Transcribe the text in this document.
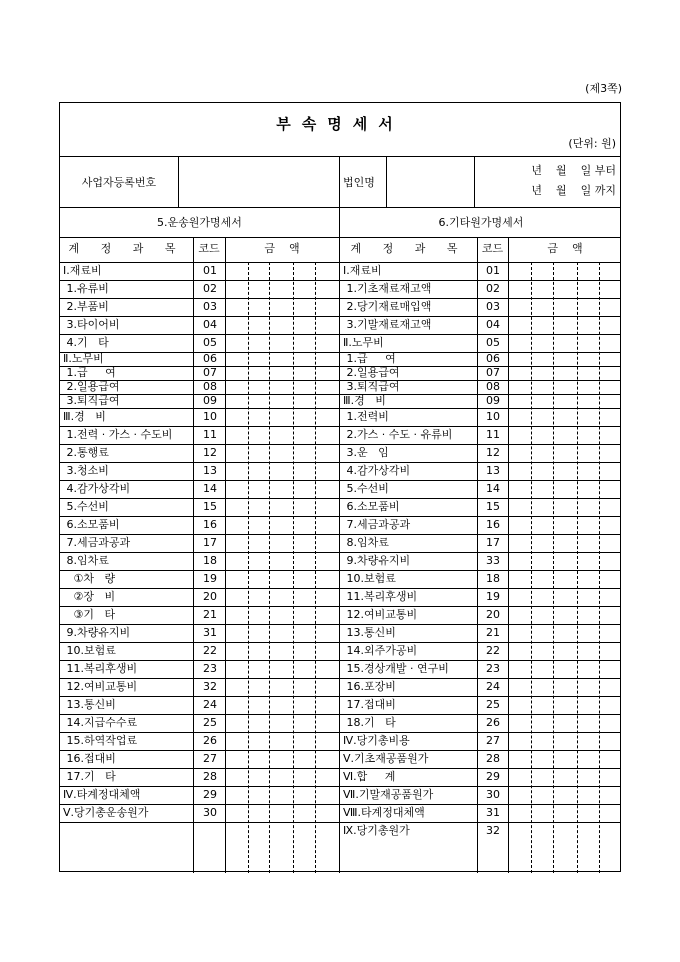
(제3쪽)
부속명세서
(단위: 원)
사업자등록번호	법인명
년    월    일 부터
년    월    일 까지
5.운송원가명세서	6.기타원가명세서
계 정 과 목	코드	금    액	계 정 과 목	코드	금    액
Ⅰ.재료비	01	Ⅰ.재료비	01
1.유류비	02	1.기초재료재고액	02
2.부품비	03	2.당기재료매입액	03
3.타이어비	04	3.기말재료재고액	04
4.기   타	05	Ⅱ.노무비	05
Ⅱ.노무비	06	1.급     여	06
1.급     여	07	2.일용급여	07
2.일용급여	08	3.퇴직급여	08
3.퇴직급여	09	Ⅲ.경   비	09
Ⅲ.경   비	10	1.전력비	10
1.전력 · 가스 · 수도비	11	2.가스 · 수도 · 유류비	11
2.통행료	12	3.운   임	12
3.청소비	13	4.감가상각비	13
4.감가상각비	14	5.수선비	14
5.수선비	15	6.소모품비	15
6.소모품비	16	7.세금과공과	16
7.세금과공과	17	8.임차료	17
8.임차료	18	9.차량유지비	33
①차   량	19	10.보험료	18
②장   비	20	11.복리후생비	19
③기   타	21	12.여비교통비	20
9.차량유지비	31	13.통신비	21
10.보험료	22	14.외주가공비	22
11.복리후생비	23	15.경상개발 · 연구비	23
12.여비교통비	32	16.포장비	24
13.통신비	24	17.접대비	25
14.지급수수료	25	18.기   타	26
15.하역작업료	26	Ⅳ.당기총비용	27
16.접대비	27	Ⅴ.기초재공품원가	28
17.기   타	28	Ⅵ.합     계	29
Ⅳ.타계정대체액	29	Ⅶ.기말재공품원가	30
Ⅴ.당기총운송원가	30	Ⅷ.타계정대체액	31
Ⅸ.당기총원가	32
